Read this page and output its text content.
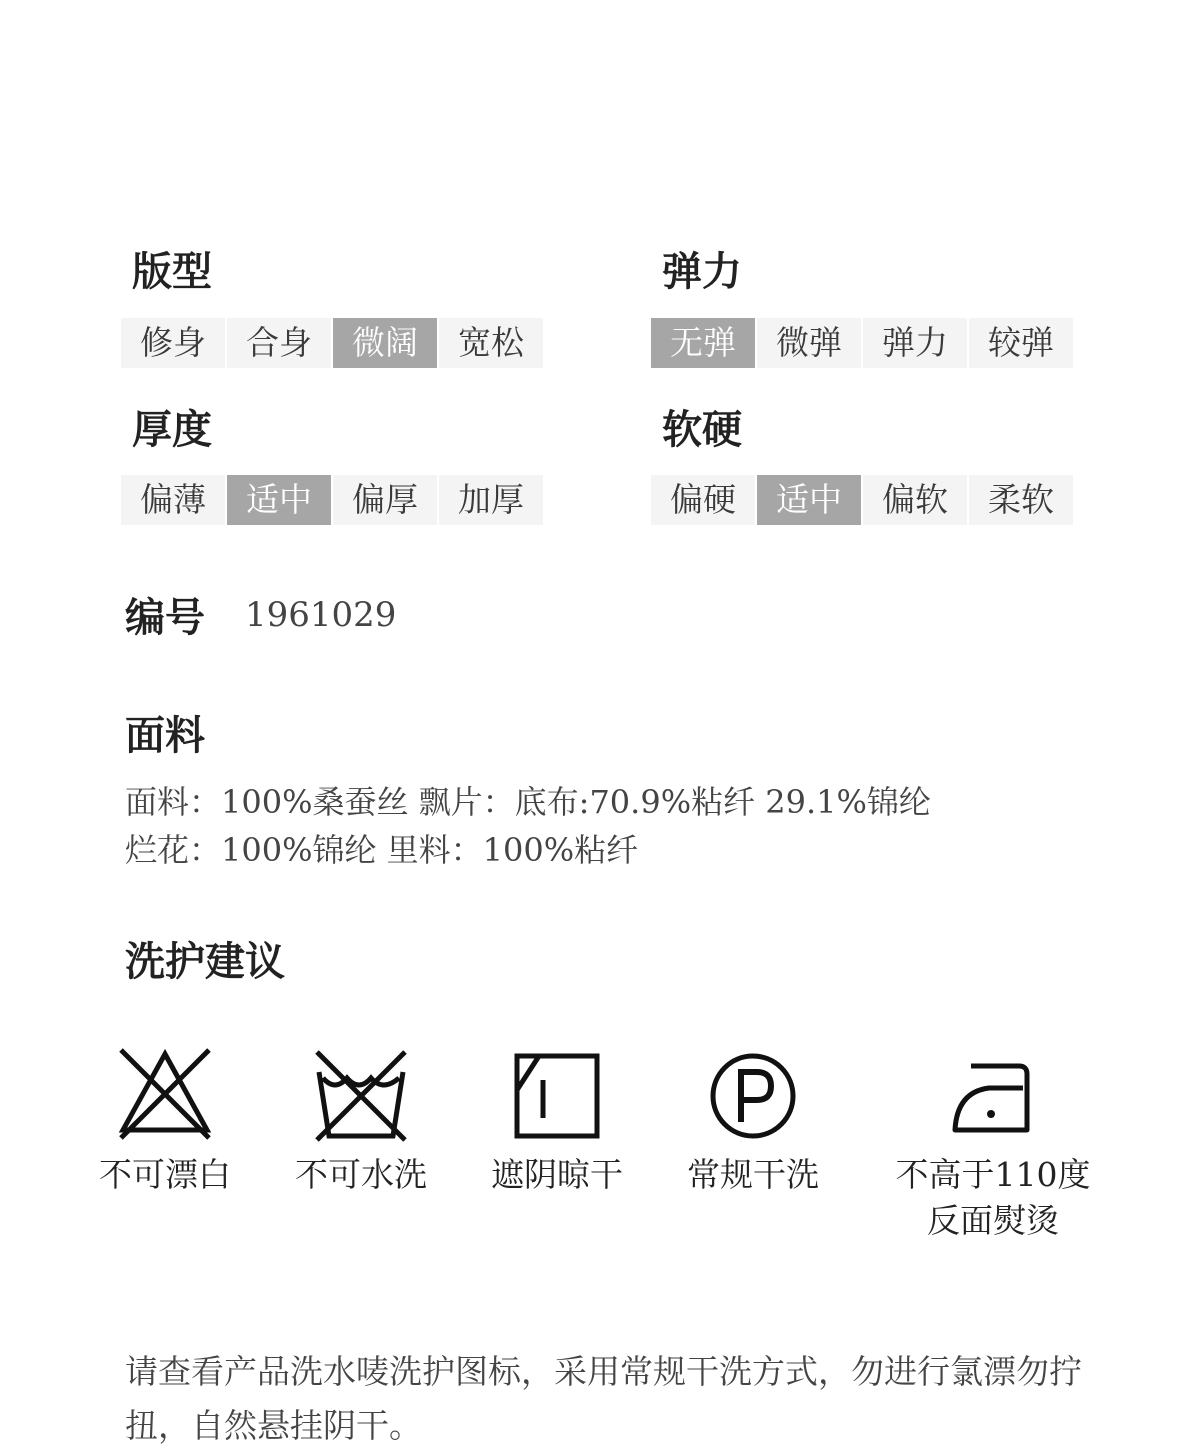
版型
修身	合身	微阔	宽松
弹力
无弹	微弹	弹力	较弹
厚度
偏薄	适中	偏厚	加厚
软硬
偏硬	适中	偏软	柔软
编号 1961029
面料
面料：100%桑蚕丝 飘片：底布:70.9%粘纤 29.1%锦纶
烂花：100%锦纶 里料：100%粘纤
洗护建议
不可漂白 不可水洗 遮阴晾干 常规干洗 不高于110度
反面熨烫
请查看产品洗水唛洗护图标，采用常规干洗方式，勿进行氯漂勿拧扭，自然悬挂阴干。
